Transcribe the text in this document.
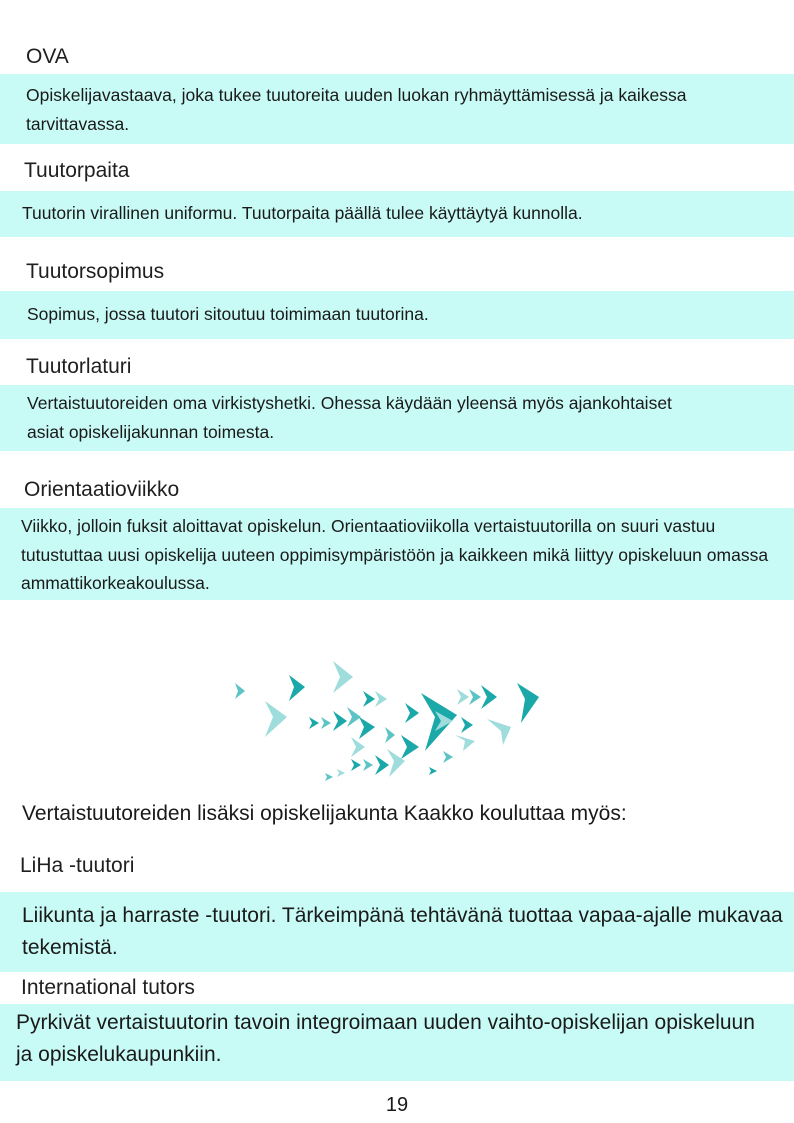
OVA
Opiskelijavastaava, joka tukee tuutoreita uuden luokan ryhmäyttämisessä ja kaikessa tarvittavassa.
Tuutorpaita
Tuutorin virallinen uniformu. Tuutorpaita päällä tulee käyttäytyä kunnolla.
Tuutorsopimus
Sopimus, jossa tuutori sitoutuu toimimaan tuutorina.
Tuutorlaturi
Vertaistuutoreiden oma virkistyshetki. Ohessa käydään yleensä myös ajankohtaiset asiat opiskelijakunnan toimesta.
Orientaatioviikko
Viikko, jolloin fuksit aloittavat opiskelun. Orientaatioviikolla vertaistuutorilla on suuri vastuu tutustuttaa uusi opiskelija uuteen oppimisympäristöön ja kaikkeen mikä liittyy opiskeluun omassa ammattikorkeakoulussa.
Vertaistuutoreiden lisäksi opiskelijakunta Kaakko kouluttaa myös:
LiHa -tuutori
Liikunta ja harraste -tuutori. Tärkeimpänä tehtävänä tuottaa vapaa-ajalle mukavaa tekemistä.
International tutors
Pyrkivät vertaistuutorin tavoin integroimaan uuden vaihto-opiskelijan opiskeluun ja opiskelukaupunkiin.
19
